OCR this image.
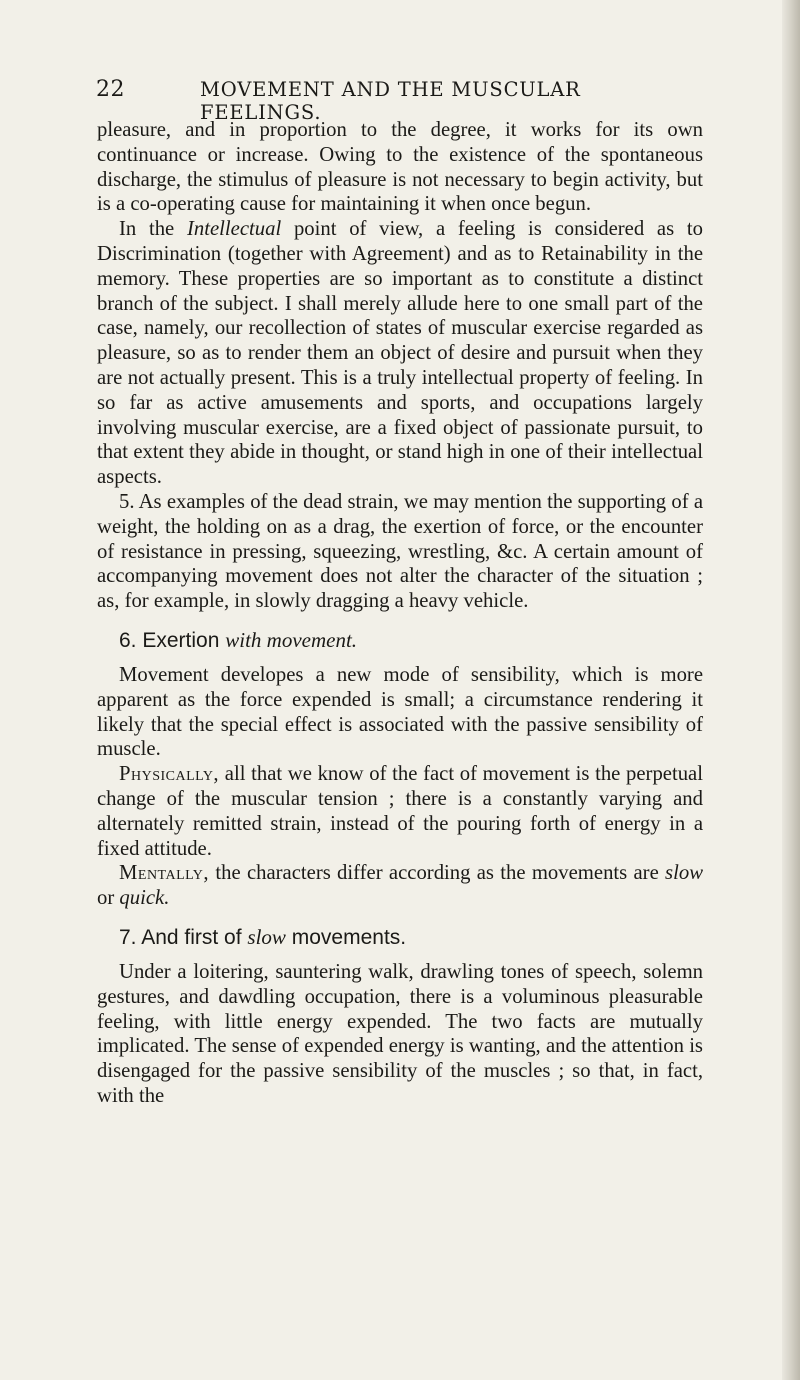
22	MOVEMENT AND THE MUSCULAR FEELINGS.

pleasure, and in proportion to the degree, it works for its own continuance or increase. Owing to the existence of the spontaneous discharge, the stimulus of pleasure is not necessary to begin activity, but is a co-operating cause for maintaining it when once begun.

In the Intellectual point of view, a feeling is considered as to Discrimination (together with Agreement) and as to Retainability in the memory. These properties are so important as to constitute a distinct branch of the subject. I shall merely allude here to one small part of the case, namely, our recollection of states of muscular exercise regarded as pleasure, so as to render them an object of desire and pursuit when they are not actually present. This is a truly intellectual property of feeling. In so far as active amusements and sports, and occupations largely involving muscular exercise, are a fixed object of passionate pursuit, to that extent they abide in thought, or stand high in one of their intellectual aspects.

5. As examples of the dead strain, we may mention the supporting of a weight, the holding on as a drag, the exertion of force, or the encounter of resistance in pressing, squeezing, wrestling, &c. A certain amount of accompanying movement does not alter the character of the situation ; as, for example, in slowly dragging a heavy vehicle.

6. Exertion with movement.

Movement developes a new mode of sensibility, which is more apparent as the force expended is small; a circumstance rendering it likely that the special effect is associated with the passive sensibility of muscle.

Physically, all that we know of the fact of movement is the perpetual change of the muscular tension ; there is a constantly varying and alternately remitted strain, instead of the pouring forth of energy in a fixed attitude.

Mentally, the characters differ according as the movements are slow or quick.

7. And first of slow movements.

Under a loitering, sauntering walk, drawling tones of speech, solemn gestures, and dawdling occupation, there is a voluminous pleasurable feeling, with little energy expended. The two facts are mutually implicated. The sense of expended energy is wanting, and the attention is disengaged for the passive sensibility of the muscles ; so that, in fact, with the
